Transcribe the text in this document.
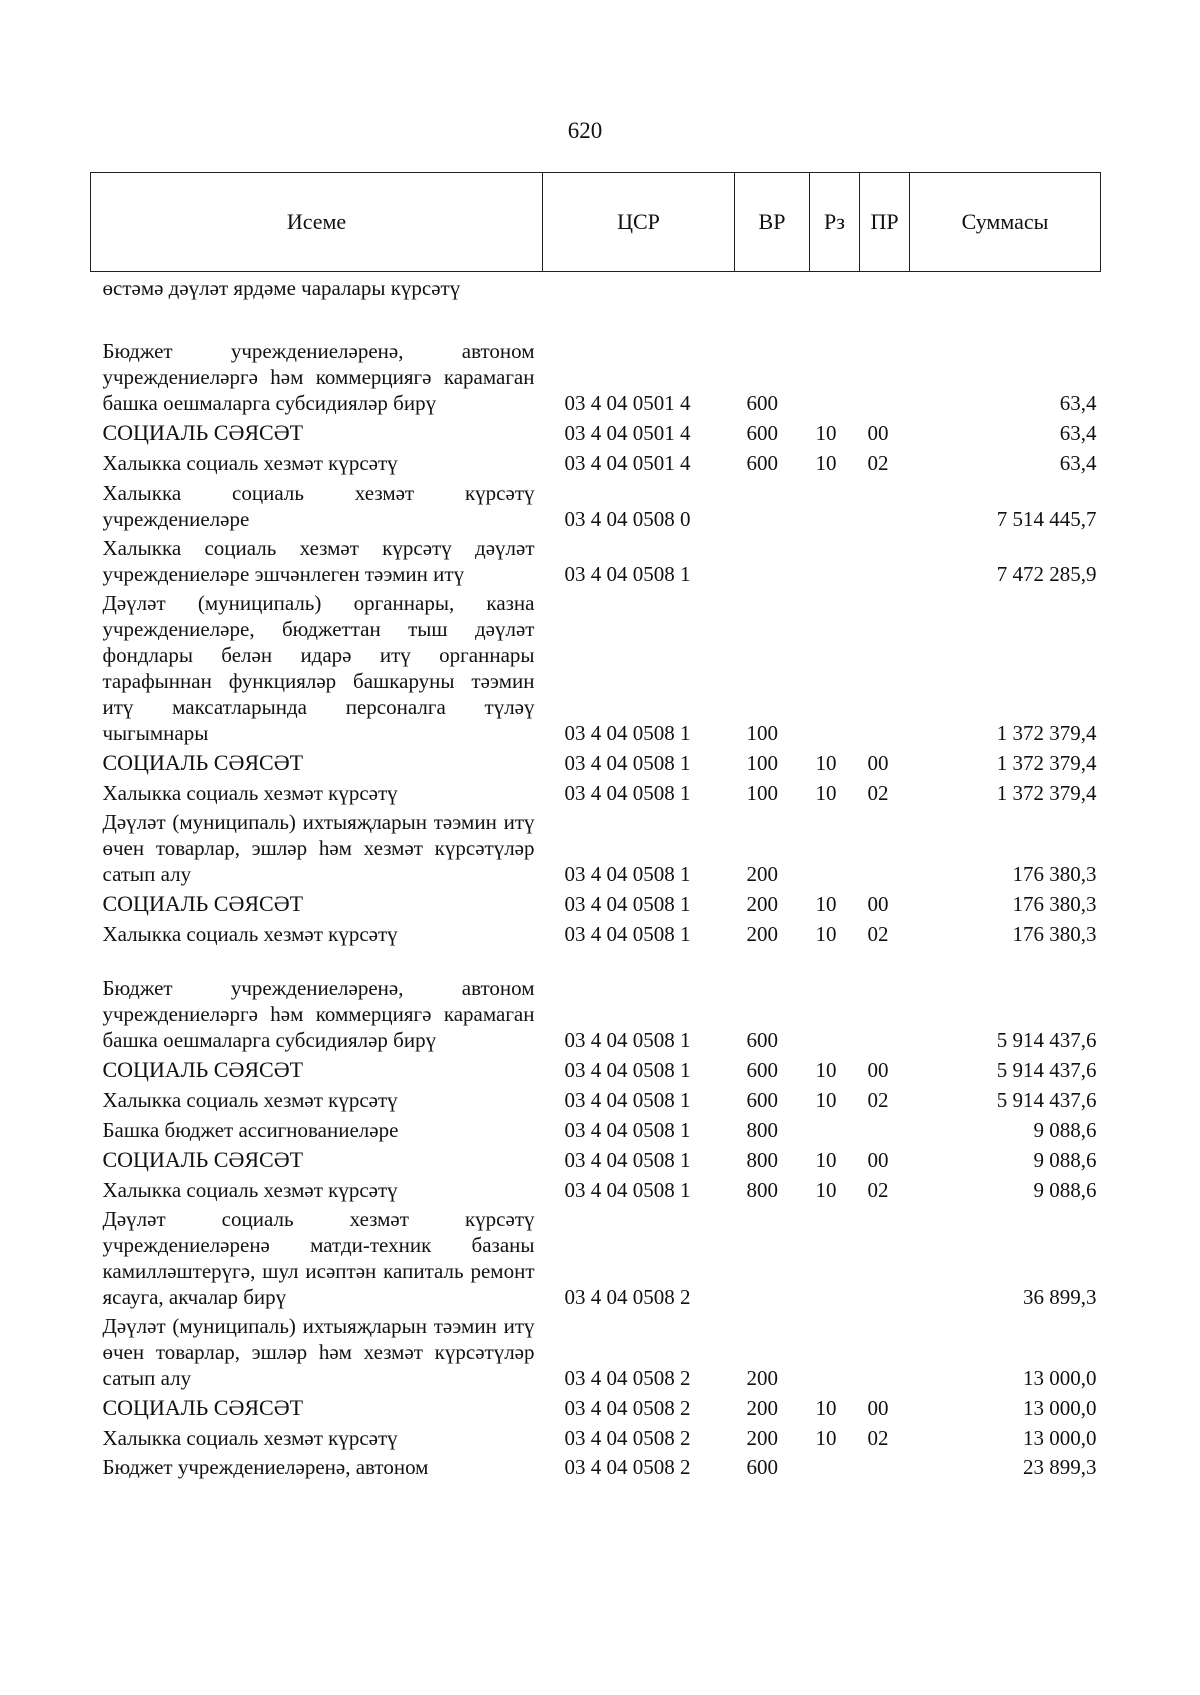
620
Исеме	ЦСР	ВР	Рз	ПР	Суммасы
өстәмә дәүләт ярдәме чаралары күрсәтү					
Бюджет учреждениеләренә, автоном учреждениеләргә һәм коммерциягә карамаган башка оешмаларга субсидияләр бирү	03 4 04 0501 4	600			63,4
СОЦИАЛЬ СӘЯСӘТ	03 4 04 0501 4	600	10	00	63,4
Халыкка социаль хезмәт күрсәтү	03 4 04 0501 4	600	10	02	63,4
Халыкка социаль хезмәт күрсәтү учреждениеләре	03 4 04 0508 0				7 514 445,7
Халыкка социаль хезмәт күрсәтү дәүләт учреждениеләре эшчәнлеген тәэмин итү	03 4 04 0508 1				7 472 285,9
Дәүләт (муниципаль) органнары, казна учреждениеләре, бюджеттан тыш дәүләт фондлары белән идарә итү органнары тарафыннан функцияләр башкаруны тәэмин итү максатларында персоналга түләү чыгымнары	03 4 04 0508 1	100			1 372 379,4
СОЦИАЛЬ СӘЯСӘТ	03 4 04 0508 1	100	10	00	1 372 379,4
Халыкка социаль хезмәт күрсәтү	03 4 04 0508 1	100	10	02	1 372 379,4
Дәүләт (муниципаль) ихтыяҗларын тәэмин итү өчен товарлар, эшләр һәм хезмәт күрсәтүләр сатып алу	03 4 04 0508 1	200			176 380,3
СОЦИАЛЬ СӘЯСӘТ	03 4 04 0508 1	200	10	00	176 380,3
Халыкка социаль хезмәт күрсәтү	03 4 04 0508 1	200	10	02	176 380,3
Бюджет учреждениеләренә, автоном учреждениеләргә һәм коммерциягә карамаган башка оешмаларга субсидияләр бирү	03 4 04 0508 1	600			5 914 437,6
СОЦИАЛЬ СӘЯСӘТ	03 4 04 0508 1	600	10	00	5 914 437,6
Халыкка социаль хезмәт күрсәтү	03 4 04 0508 1	600	10	02	5 914 437,6
Башка бюджет ассигнованиеләре	03 4 04 0508 1	800			9 088,6
СОЦИАЛЬ СӘЯСӘТ	03 4 04 0508 1	800	10	00	9 088,6
Халыкка социаль хезмәт күрсәтү	03 4 04 0508 1	800	10	02	9 088,6
Дәүләт социаль хезмәт күрсәтү учреждениеләренә матди-техник базаны камилләштерүгә, шул исәптән капиталь ремонт ясауга, акчалар бирү	03 4 04 0508 2				36 899,3
Дәүләт (муниципаль) ихтыяҗларын тәэмин итү өчен товарлар, эшләр һәм хезмәт күрсәтүләр сатып алу	03 4 04 0508 2	200			13 000,0
СОЦИАЛЬ СӘЯСӘТ	03 4 04 0508 2	200	10	00	13 000,0
Халыкка социаль хезмәт күрсәтү	03 4 04 0508 2	200	10	02	13 000,0
Бюджет учреждениеләренә, автоном	03 4 04 0508 2	600			23 899,3
